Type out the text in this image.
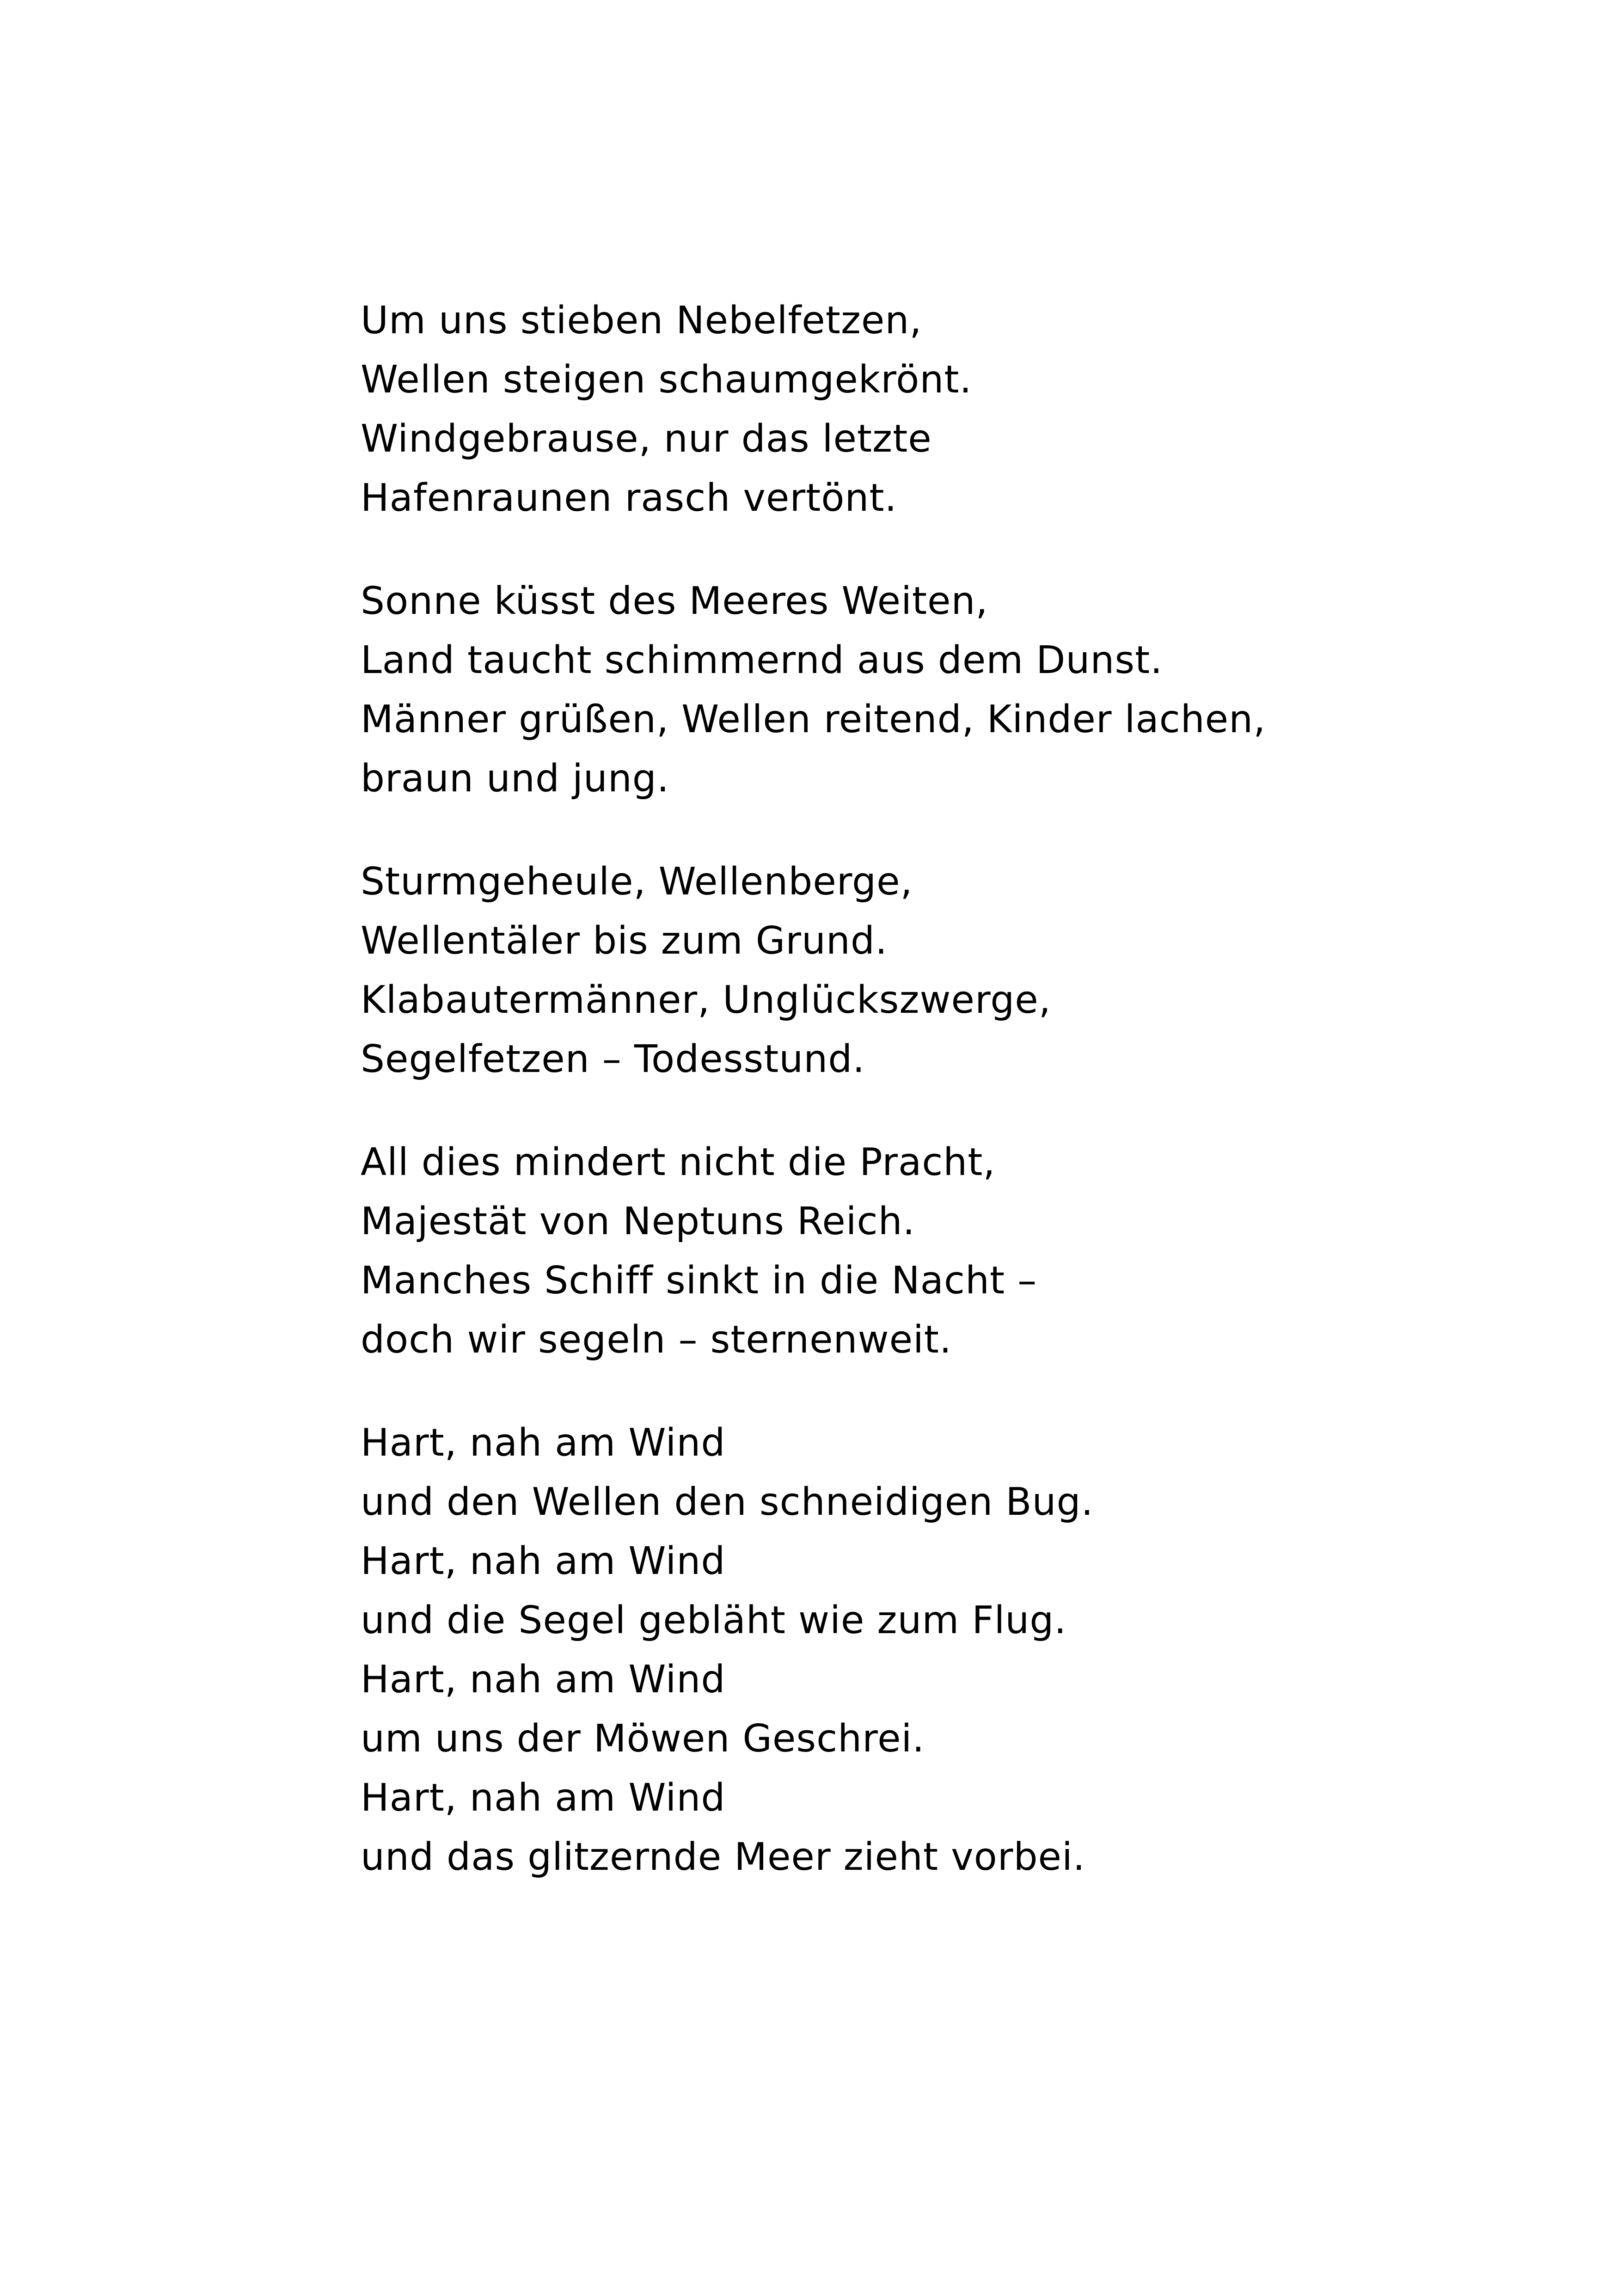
Um uns stieben Nebelfetzen,
Wellen steigen schaumgekrönt.
Windgebrause, nur das letzte
Hafenraunen rasch vertönt.
Sonne küsst des Meeres Weiten,
Land taucht schimmernd aus dem Dunst.
Männer grüßen, Wellen reitend, Kinder lachen,
braun und jung.
Sturmgeheule, Wellenberge,
Wellentäler bis zum Grund.
Klabautermänner, Unglückszwerge,
Segelfetzen – Todesstund.
All dies mindert nicht die Pracht,
Majestät von Neptuns Reich.
Manches Schiff sinkt in die Nacht –
doch wir segeln – sternenweit.
Hart, nah am Wind
und den Wellen den schneidigen Bug.
Hart, nah am Wind
und die Segel gebläht wie zum Flug.
Hart, nah am Wind
um uns der Möwen Geschrei.
Hart, nah am Wind
und das glitzernde Meer zieht vorbei.
